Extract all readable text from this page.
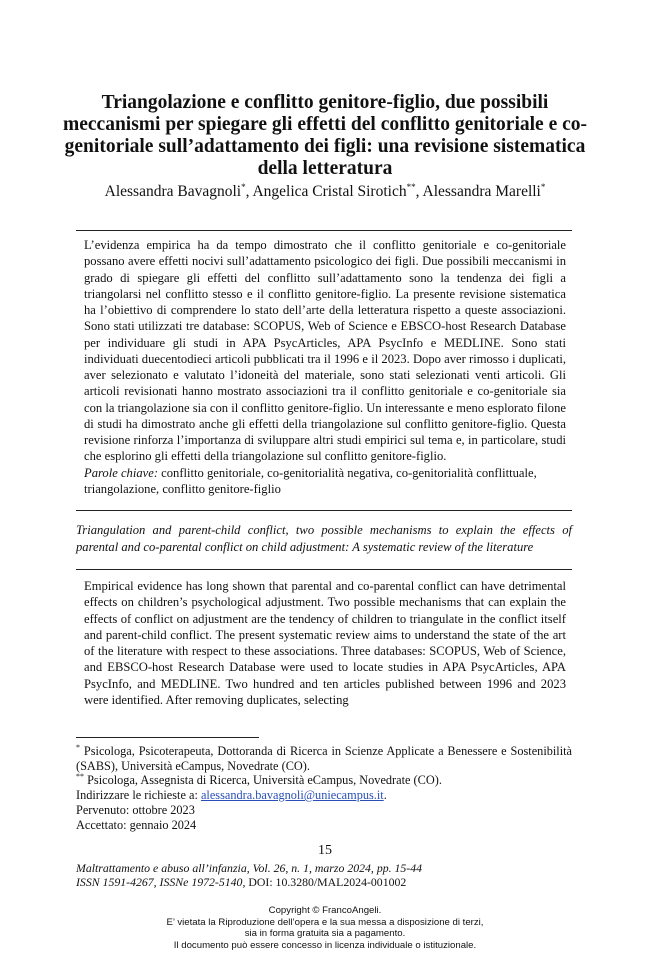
Triangolazione e conflitto genitore-figlio, due possibili meccanismi per spiegare gli effetti del conflitto genitoriale e co-genitoriale sull’adattamento dei figli: una revisione sistematica della letteratura
Alessandra Bavagnoli*, Angelica Cristal Sirotich**, Alessandra Marelli*

L’evidenza empirica ha da tempo dimostrato che il conflitto genitoriale e co-genitoriale possano avere effetti nocivi sull’adattamento psicologico dei figli. Due possibili meccanismi in grado di spiegare gli effetti del conflitto sull’adattamento sono la tendenza dei figli a triangolarsi nel conflitto stesso e il conflitto genitore-figlio. La presente revisione sistematica ha l’obiettivo di comprendere lo stato dell’arte della letteratura rispetto a queste associazioni. Sono stati utilizzati tre database: SCOPUS, Web of Science e EBSCO-host Research Database per individuare gli studi in APA PsycArticles, APA PsycInfo e MEDLINE. Sono stati individuati duecentodieci articoli pubblicati tra il 1996 e il 2023. Dopo aver rimosso i duplicati, aver selezionato e valutato l’idoneità del materiale, sono stati selezionati venti articoli. Gli articoli revisionati hanno mostrato associazioni tra il conflitto genitoriale e co-genitoriale sia con la triangolazione sia con il conflitto genitore-figlio. Un interessante e meno esplorato filone di studi ha dimostrato anche gli effetti della triangolazione sul conflitto genitore-figlio. Questa revisione rinforza l’importanza di sviluppare altri studi empirici sul tema e, in particolare, studi che esplorino gli effetti della triangolazione sul conflitto genitore-figlio.

Parole chiave: conflitto genitoriale, co-genitorialità negativa, co-genitorialità conflittuale, triangolazione, conflitto genitore-figlio

Triangulation and parent-child conflict, two possible mechanisms to explain the effects of parental and co-parental conflict on child adjustment: A systematic review of the literature

Empirical evidence has long shown that parental and co-parental conflict can have detrimental effects on children’s psychological adjustment. Two possible mechanisms that can explain the effects of conflict on adjustment are the tendency of children to triangulate in the conflict itself and parent-child conflict. The present systematic review aims to understand the state of the art of the literature with respect to these associations. Three databases: SCOPUS, Web of Science, and EBSCO-host Research Database were used to locate studies in APA PsycArticles, APA PsycInfo, and MEDLINE. Two hundred and ten articles published between 1996 and 2023 were identified. After removing duplicates, selecting

* Psicologa, Psicoterapeuta, Dottoranda di Ricerca in Scienze Applicate a Benessere e Sostenibilità (SABS), Università eCampus, Novedrate (CO).
** Psicologa, Assegnista di Ricerca, Università eCampus, Novedrate (CO).
Indirizzare le richieste a: alessandra.bavagnoli@uniecampus.it.
Pervenuto: ottobre 2023
Accettato: gennaio 2024
15
Maltrattamento e abuso all’infanzia, Vol. 26, n. 1, marzo 2024, pp. 15-44
ISSN 1591-4267, ISSNe 1972-5140, DOI: 10.3280/MAL2024-001002
Copyright © FrancoAngeli.
E’ vietata la Riproduzione dell’opera e la sua messa a disposizione di terzi,
sia in forma gratuita sia a pagamento.
Il documento può essere concesso in licenza individuale o istituzionale.
